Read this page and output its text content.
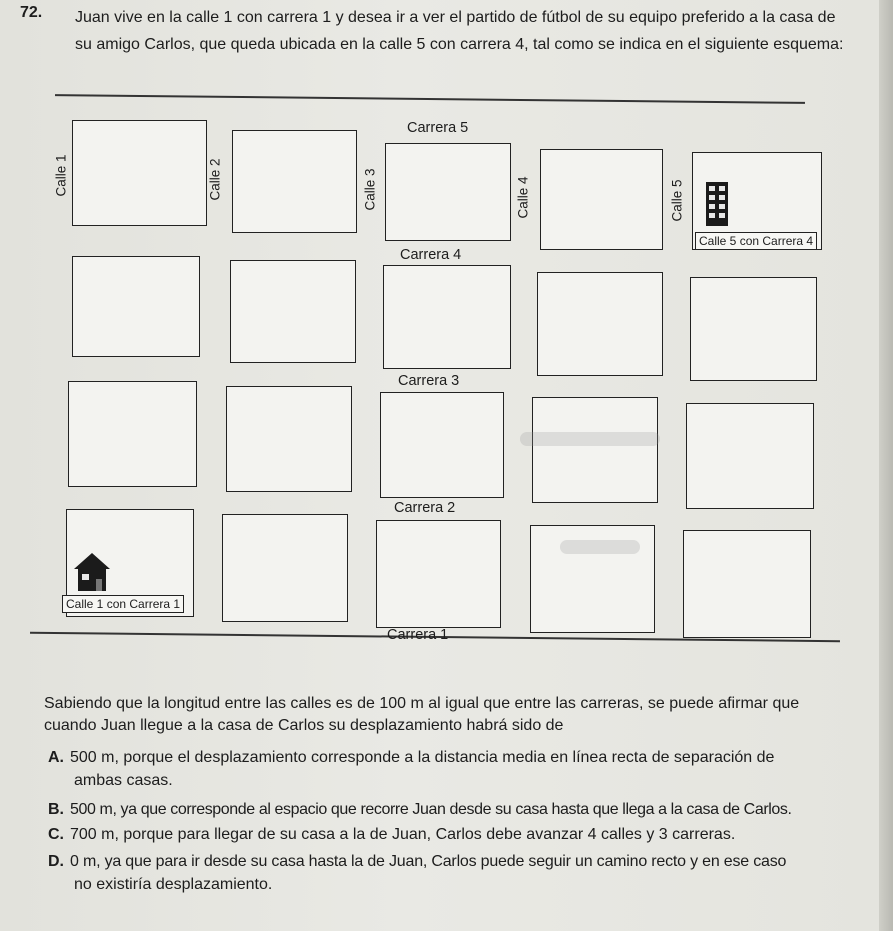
72. Juan vive en la calle 1 con carrera 1 y desea ir a ver el partido de fútbol de su equipo preferido a la casa de su amigo Carlos, que queda ubicada en la calle 5 con carrera 4, tal como se indica en el siguiente esquema:
Carrera 5
Carrera 4
Carrera 3
Carrera 2
Carrera 1
Calle 1	Calle 2	Calle 3	Calle 4	Calle 5
Calle 5 con Carrera 4
Calle 1 con Carrera 1
Sabiendo que la longitud entre las calles es de 100 m al igual que entre las carreras, se puede afirmar que cuando Juan llegue a la casa de Carlos su desplazamiento habrá sido de
A. 500 m, porque el desplazamiento corresponde a la distancia media en línea recta de separación de
ambas casas.
B. 500 m, ya que corresponde al espacio que recorre Juan desde su casa hasta que llega a la casa de Carlos.
C. 700 m, porque para llegar de su casa a la de Juan, Carlos debe avanzar 4 calles y 3 carreras.
D. 0 m, ya que para ir desde su casa hasta la de Juan, Carlos puede seguir un camino recto y en ese caso
no existiría desplazamiento.
